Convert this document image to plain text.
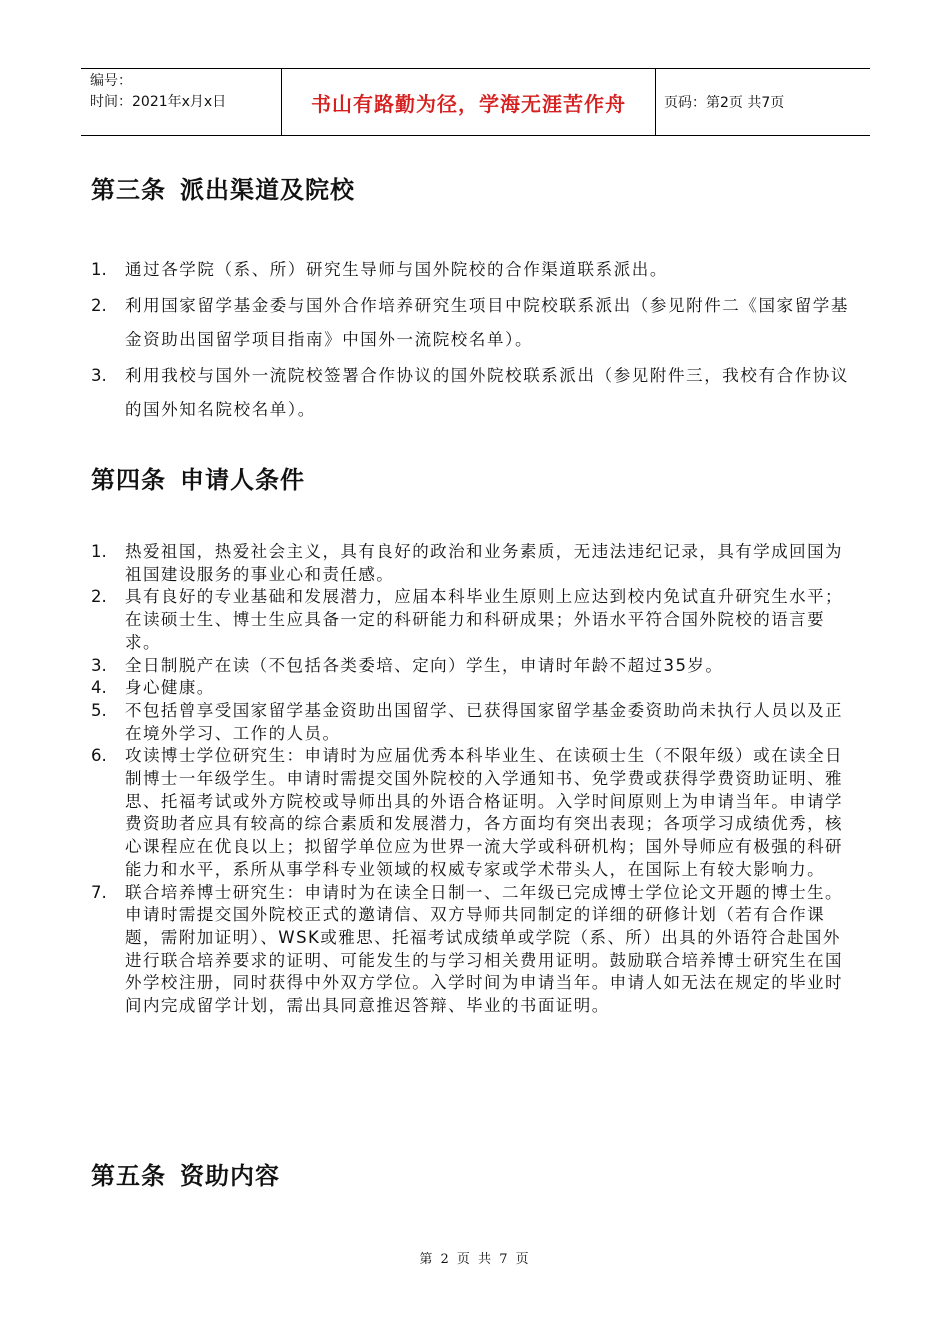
编号：
时间：2021年x月x日	书山有路勤为径，学海无涯苦作舟	页码：第2页 共7页
第三条 派出渠道及院校
1.	通过各学院（系、所）研究生导师与国外院校的合作渠道联系派出。
2.	利用国家留学基金委与国外合作培养研究生项目中院校联系派出（参见附件二《国家留学基金资助出国留学项目指南》中国外一流院校名单）。
3.	利用我校与国外一流院校签署合作协议的国外院校联系派出（参见附件三，我校有合作协议的国外知名院校名单）。
第四条 申请人条件
1.	热爱祖国，热爱社会主义，具有良好的政治和业务素质，无违法违纪记录，具有学成回国为祖国建设服务的事业心和责任感。
2.	具有良好的专业基础和发展潜力，应届本科毕业生原则上应达到校内免试直升研究生水平；在读硕士生、博士生应具备一定的科研能力和科研成果；外语水平符合国外院校的语言要求。
3.	全日制脱产在读（不包括各类委培、定向）学生，申请时年龄不超过35岁。
4.	身心健康。
5.	不包括曾享受国家留学基金资助出国留学、已获得国家留学基金委资助尚未执行人员以及正在境外学习、工作的人员。
6.	攻读博士学位研究生：申请时为应届优秀本科毕业生、在读硕士生（不限年级）或在读全日制博士一年级学生。申请时需提交国外院校的入学通知书、免学费或获得学费资助证明、雅思、托福考试或外方院校或导师出具的外语合格证明。入学时间原则上为申请当年。申请学费资助者应具有较高的综合素质和发展潜力，各方面均有突出表现；各项学习成绩优秀，核心课程应在优良以上；拟留学单位应为世界一流大学或科研机构；国外导师应有极强的科研能力和水平，系所从事学科专业领域的权威专家或学术带头人，在国际上有较大影响力。
7.	联合培养博士研究生：申请时为在读全日制一、二年级已完成博士学位论文开题的博士生。申请时需提交国外院校正式的邀请信、双方导师共同制定的详细的研修计划（若有合作课题，需附加证明）、WSK或雅思、托福考试成绩单或学院（系、所）出具的外语符合赴国外进行联合培养要求的证明、可能发生的与学习相关费用证明。鼓励联合培养博士研究生在国外学校注册，同时获得中外双方学位。入学时间为申请当年。申请人如无法在规定的毕业时间内完成留学计划，需出具同意推迟答辩、毕业的书面证明。
第五条 资助内容
第 2 页 共 7 页
